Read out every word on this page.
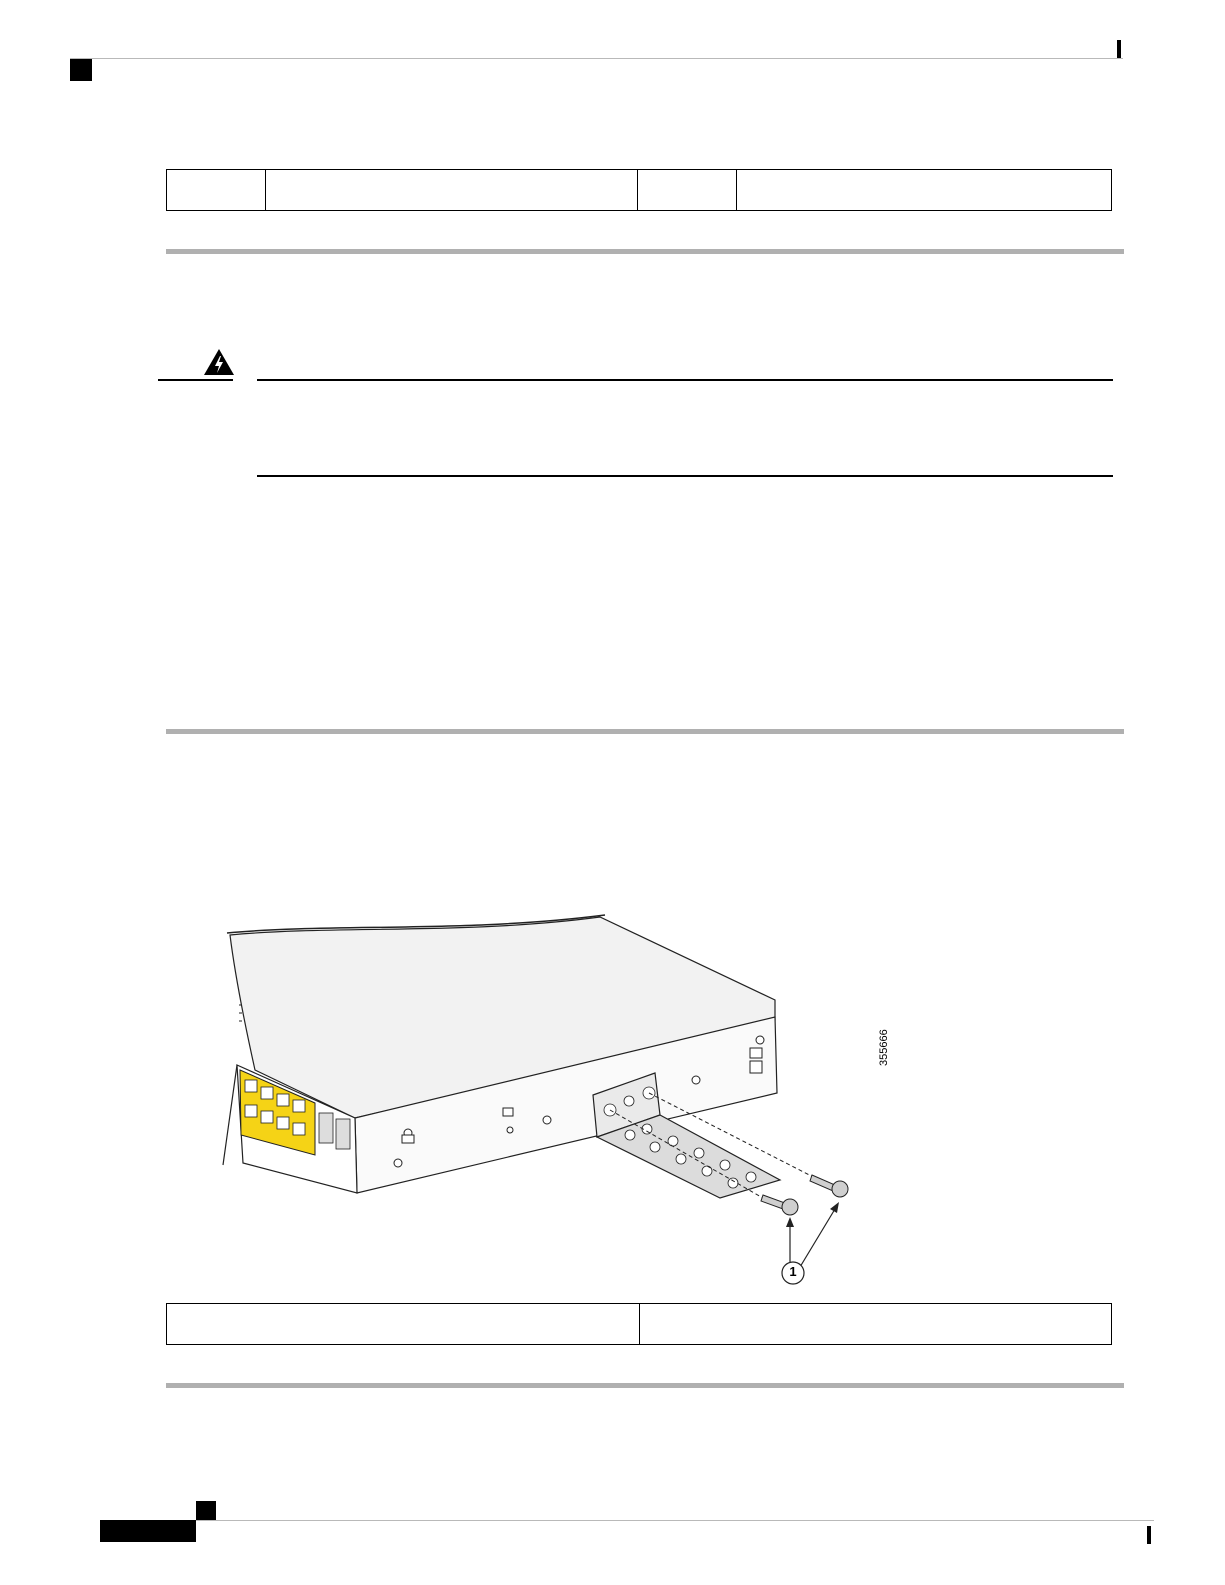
1
355666
